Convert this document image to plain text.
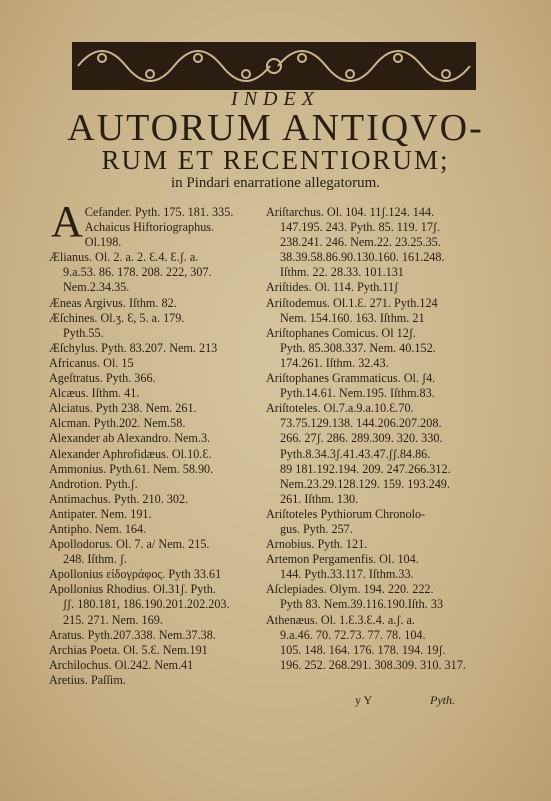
INDEX
AUTORUM ANTIQVO-
RUM ET RECENTIORUM;
in Pindari enarratione allegatorum.
A Cefander. Pyth. 175. 181. 335.
Achaicus Hiftoriographus.
Ol.198.
Ælianus. Ol. 2. a. 2. Ɛ.4. Ɛ.ʃ. a.
9.a.53. 86. 178. 208. 222, 307.
Nem.2.34.35.
Æneas Argivus. Iſthm. 82.
Æſchines. Ol.ʒ. Ɛ, 5. a. 179.
Pyth.55.
Æſchylus. Pyth. 83.207. Nem. 213
Africanus. Ol. 15
Ageſtratus. Pyth. 366.
Alcæus. Iſthm. 41.
Alciatus. Pyth 238. Nem. 261.
Alcman. Pyth.202. Nem.58.
Alexander ab Alexandro. Nem.3.
Alexander Aphrofidæus. Ol.10.Ɛ.
Ammonius. Pyth.61. Nem. 58.90.
Androtion. Pyth.ʃ.
Antimachus. Pyth. 210. 302.
Antipater. Nem. 191.
Antipho. Nem. 164.
Apollodorus. Ol. 7. a/ Nem. 215.
248. Iſthm. ʃ.
Apollonius εἰδογράφος. Pyth 33.61
Apollonius Rhodius. Ol.31ʃ. Pyth.
ʃʃ. 180.181, 186.190.201.202.203.
215. 271. Nem. 169.
Aratus. Pyth.207.338. Nem.37.38.
Archias Poeta. Ol. 5.Ɛ. Nem.191
Archilochus. Ol.242. Nem.41
Aretius. Paſſim.
Ariſtarchus. Ol. 104. 11ʃ.124. 144.
147.195. 243. Pyth. 85. 119. 17ʃ.
238.241. 246. Nem.22. 23.25.35.
38.39.58.86.90.130.160. 161.248.
Iſthm. 22. 28.33. 101.131
Ariſtides. Ol. 114. Pyth.11ʃ
Ariſtodemus. Ol.1.Ɛ. 271. Pyth.124
Nem. 154.160. 163. Iſthm. 21
Ariſtophanes Comicus. Ol 12ʃ.
Pyth. 85.308.337. Nem. 40.152.
174.261. Iſthm. 32.43.
Ariſtophanes Grammaticus. Ol. ʃ4.
Pyth.14.61. Nem.195. Iſthm.83.
Ariſtoteles. Ol.7.a.9.a.10.Ɛ.70.
73.75.129.138. 144.206.207.208.
266. 27ʃ. 286. 289.309. 320. 330.
Pyth.8.34.3ʃ.41.43.47.ʃʃ.84.86.
89 181.192.194. 209. 247.266.312.
Nem.23.29.128.129. 159. 193.249.
261. Iſthm. 130.
Ariſtoteles Pythiorum Chronolo-
gus. Pyth. 257.
Arnobius. Pyth. 121.
Artemon Pergamenfis. Ol. 104.
144. Pyth.33.117. Iſthm.33.
Aſclepiades. Olym. 194. 220. 222.
Pyth 83. Nem.39.116.190.Iſth. 33
Athenæus. Ol. 1.Ɛ.3.Ɛ.4. a.ʃ. a.
9.a.46. 70. 72.73. 77. 78. 104.
105. 148. 164. 176. 178. 194. 19ʃ.
196. 252. 268.291. 308.309. 310. 317.
y Y	Pyth.
